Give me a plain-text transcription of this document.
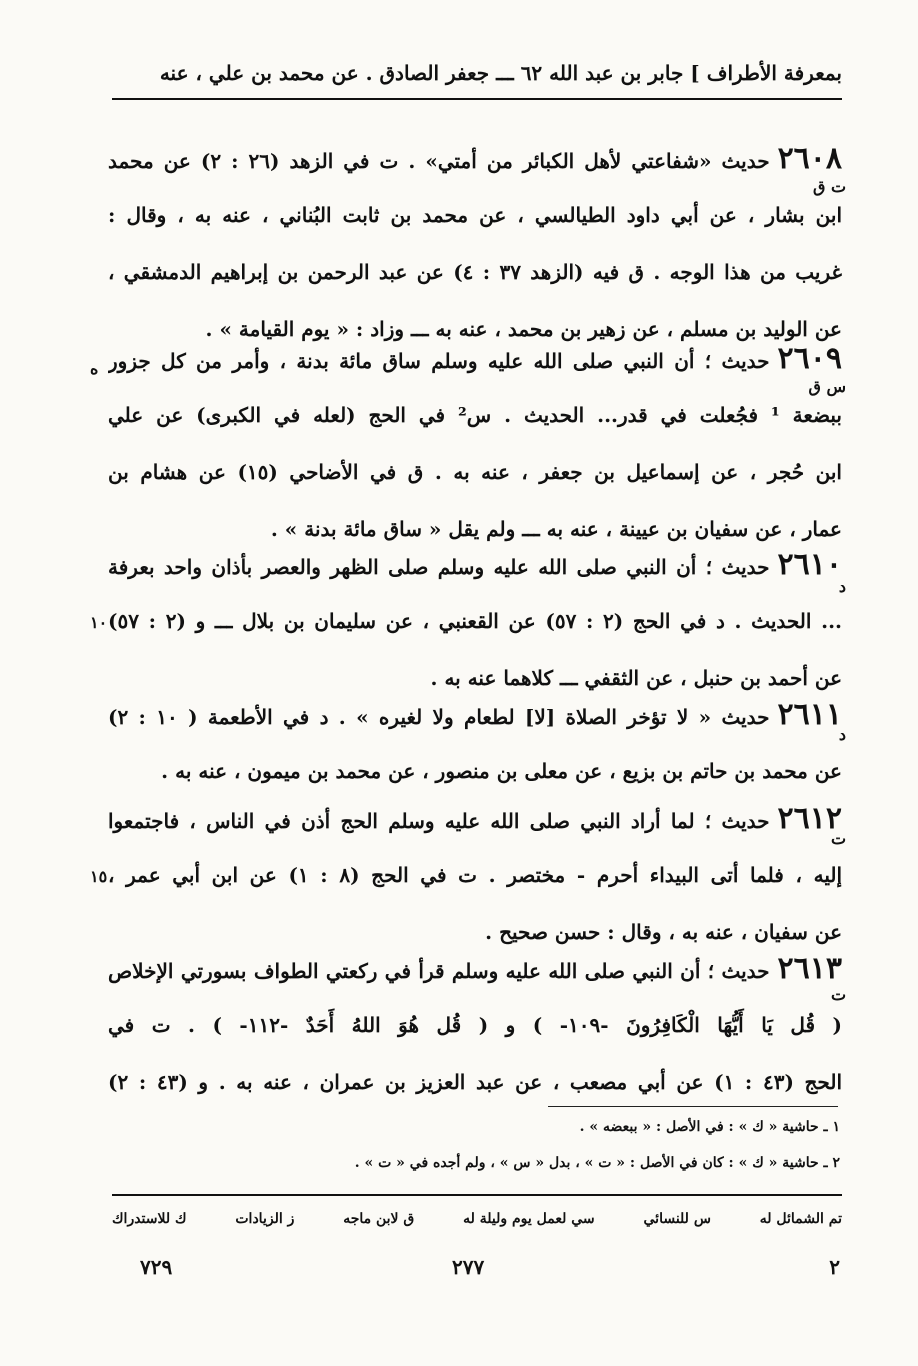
بمعرفة الأطراف ] جابر بن عبد الله ٦٢ ـــ جعفر الصادق . عن محمد بن علي ، عنه
ت ق
٢٦٠٨حديث «شفاعتي لأهل الكبائر من أمتي» . ت في الزهد (٢٦ : ٢) عن محمد
ابن بشار ، عن أبي داود الطيالسي ، عن محمد بن ثابت البُناني ، عنه به ، وقال :
غريب من هذا الوجه . ق فيه (الزهد ٣٧ : ٤) عن عبد الرحمن بن إبراهيم الدمشقي ،
عن الوليد بن مسلم ، عن زهير بن محمد ، عنه به ـــ وزاد : « يوم القيامة » .
س ق
ه	٢٦٠٩حديث ؛ أن النبي صلى الله عليه وسلم ساق مائة بدنة ، وأمر من كل جزور
ببضعة ¹ فجُعلت في قدر... الحديث . س² في الحج (لعله في الكبرى) عن علي
ابن حُجر ، عن إسماعيل بن جعفر ، عنه به . ق في الأضاحي (١٥) عن هشام بن
عمار ، عن سفيان بن عيينة ، عنه به ـــ ولم يقل « ساق مائة بدنة » .
د
١٠
٢٦١٠حديث ؛ أن النبي صلى الله عليه وسلم صلى الظهر والعصر بأذان واحد بعرفة
... الحديث . د في الحج (٢ : ٥٧) عن القعنبي ، عن سليمان بن بلال ـــ و (٢ : ٥٧)
عن أحمد بن حنبل ، عن الثقفي ـــ كلاهما عنه به .
د
٢٦١١حديث « لا تؤخر الصلاة [لا] لطعام ولا لغيره » . د في الأطعمة ( ١٠ : ٢)
عن محمد بن حاتم بن بزيع ، عن معلى بن منصور ، عن محمد بن ميمون ، عنه به .
ت
١٥
٢٦١٢حديث ؛ لما أراد النبي صلى الله عليه وسلم الحج أذن في الناس ، فاجتمعوا
إليه ، فلما أتى البيداء أحرم - مختصر . ت في الحج (٨ : ١) عن ابن أبي عمر ،
عن سفيان ، عنه به ، وقال : حسن صحيح .
ت
٢٦١٣حديث ؛ أن النبي صلى الله عليه وسلم قرأ في ركعتي الطواف بسورتي الإخلاص
( قُل يَا أَيُّهَا الْكَافِرُونَ -١٠٩- ) و ( قُل هُوَ اللهُ أَحَدٌ -١١٢- ) . ت في
الحج (٤٣ : ١) عن أبي مصعب ، عن عبد العزيز بن عمران ، عنه به . و (٤٣ : ٢)
١ ـ حاشية « ك » : في الأصل : « ببعضه » .
٢ ـ حاشية « ك » : كان في الأصل : « ت » ، بدل « س » ، ولم أجده في « ت » .
تم الشمائل له
س للنسائي
سي لعمل يوم وليلة له
ق لابن ماجه
ز الزيادات
ك للاستدراك
٢
٢٧٧
٧٢٩
